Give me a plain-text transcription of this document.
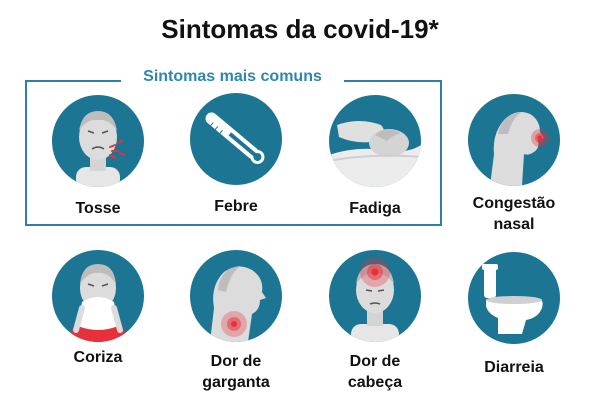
Sintomas da covid-19*
Sintomas mais comuns
Tosse	Febre	Fadiga	Congestão
nasal
Coriza	Dor de
garganta
Dor de
cabeça
Diarreia
